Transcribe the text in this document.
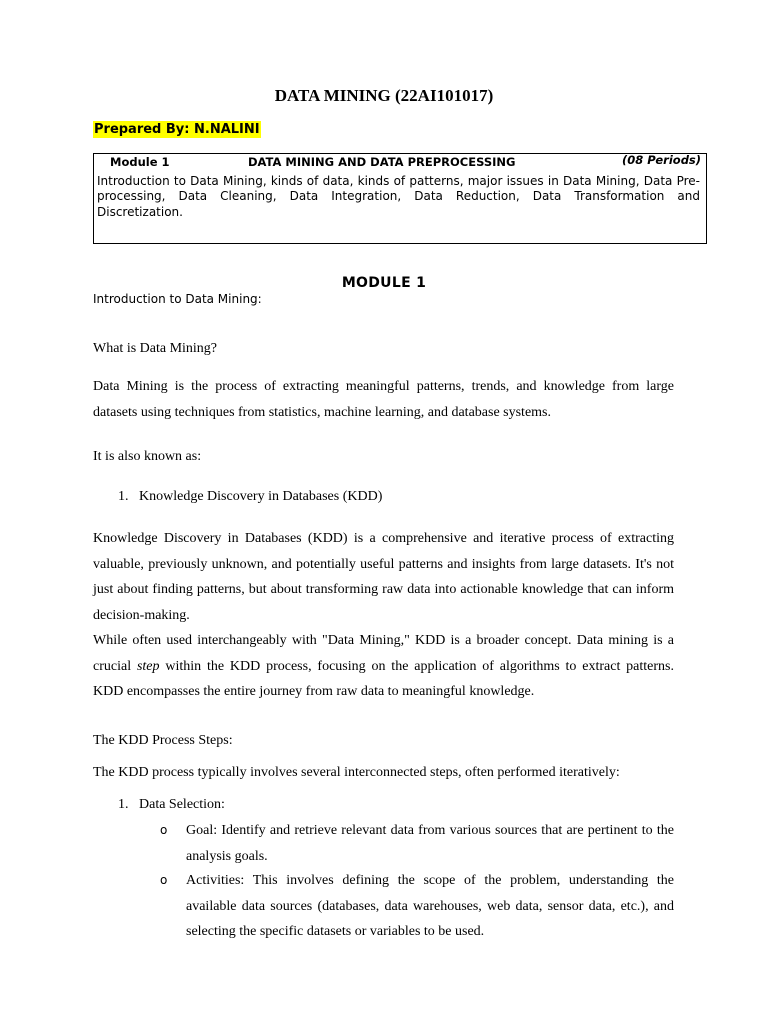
DATA MINING (22AI101017)
Prepared By: N.NALINI
Module 1	DATA MINING AND DATA PREPROCESSING	(08 Periods)
Introduction to Data Mining, kinds of data, kinds of patterns, major issues in Data Mining, Data Pre-processing, Data Cleaning, Data Integration, Data Reduction, Data Transformation and Discretization.
MODULE 1
Introduction to Data Mining:
What is Data Mining?
Data Mining is the process of extracting meaningful patterns, trends, and knowledge from large datasets using techniques from statistics, machine learning, and database systems.
It is also known as:
1. Knowledge Discovery in Databases (KDD)

Knowledge Discovery in Databases (KDD) is a comprehensive and iterative process of extracting valuable, previously unknown, and potentially useful patterns and insights from large datasets. It's not just about finding patterns, but about transforming raw data into actionable knowledge that can inform decision-making.

While often used interchangeably with "Data Mining," KDD is a broader concept. Data mining is a crucial step within the KDD process, focusing on the application of algorithms to extract patterns. KDD encompasses the entire journey from raw data to meaningful knowledge.

The KDD Process Steps:
The KDD process typically involves several interconnected steps, often performed iteratively:
1. Data Selection:
o Goal: Identify and retrieve relevant data from various sources that are pertinent to the analysis goals.
o Activities: This involves defining the scope of the problem, understanding the available data sources (databases, data warehouses, web data, sensor data, etc.), and selecting the specific datasets or variables to be used.
